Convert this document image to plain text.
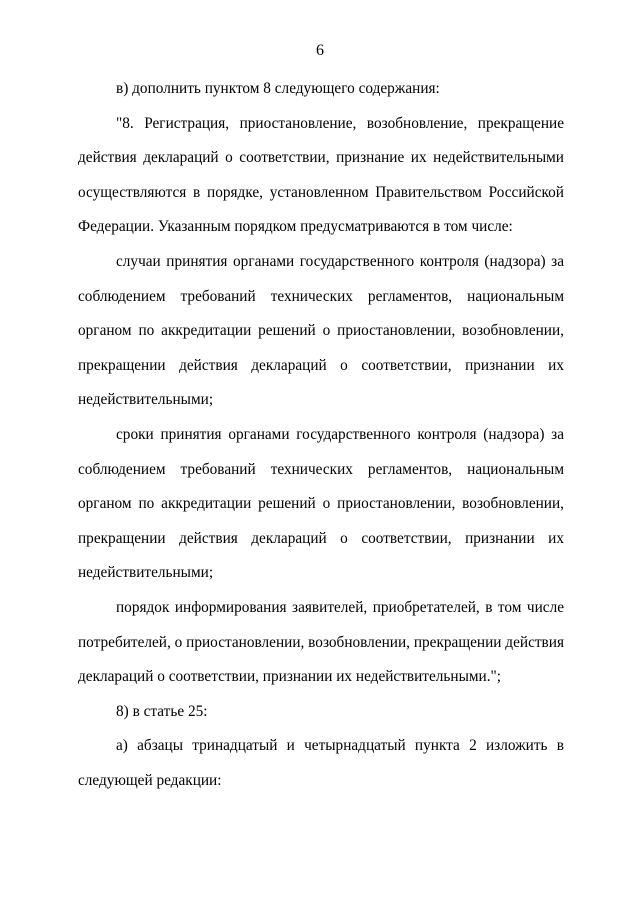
6

в) дополнить пунктом 8 следующего содержания:

"8. Регистрация, приостановление, возобновление, прекращение действия деклараций о соответствии, признание их недействительными осуществляются в порядке, установленном Правительством Российской Федерации. Указанным порядком предусматриваются в том числе:

случаи принятия органами государственного контроля (надзора) за соблюдением требований технических регламентов, национальным органом по аккредитации решений о приостановлении, возобновлении, прекращении действия деклараций о соответствии, признании их недействительными;

сроки принятия органами государственного контроля (надзора) за соблюдением требований технических регламентов, национальным органом по аккредитации решений о приостановлении, возобновлении, прекращении действия деклараций о соответствии, признании их недействительными;

порядок информирования заявителей, приобретателей, в том числе потребителей, о приостановлении, возобновлении, прекращении действия деклараций о соответствии, признании их недействительными.";

8) в статье 25:

а) абзацы тринадцатый и четырнадцатый пункта 2 изложить в следующей редакции:
